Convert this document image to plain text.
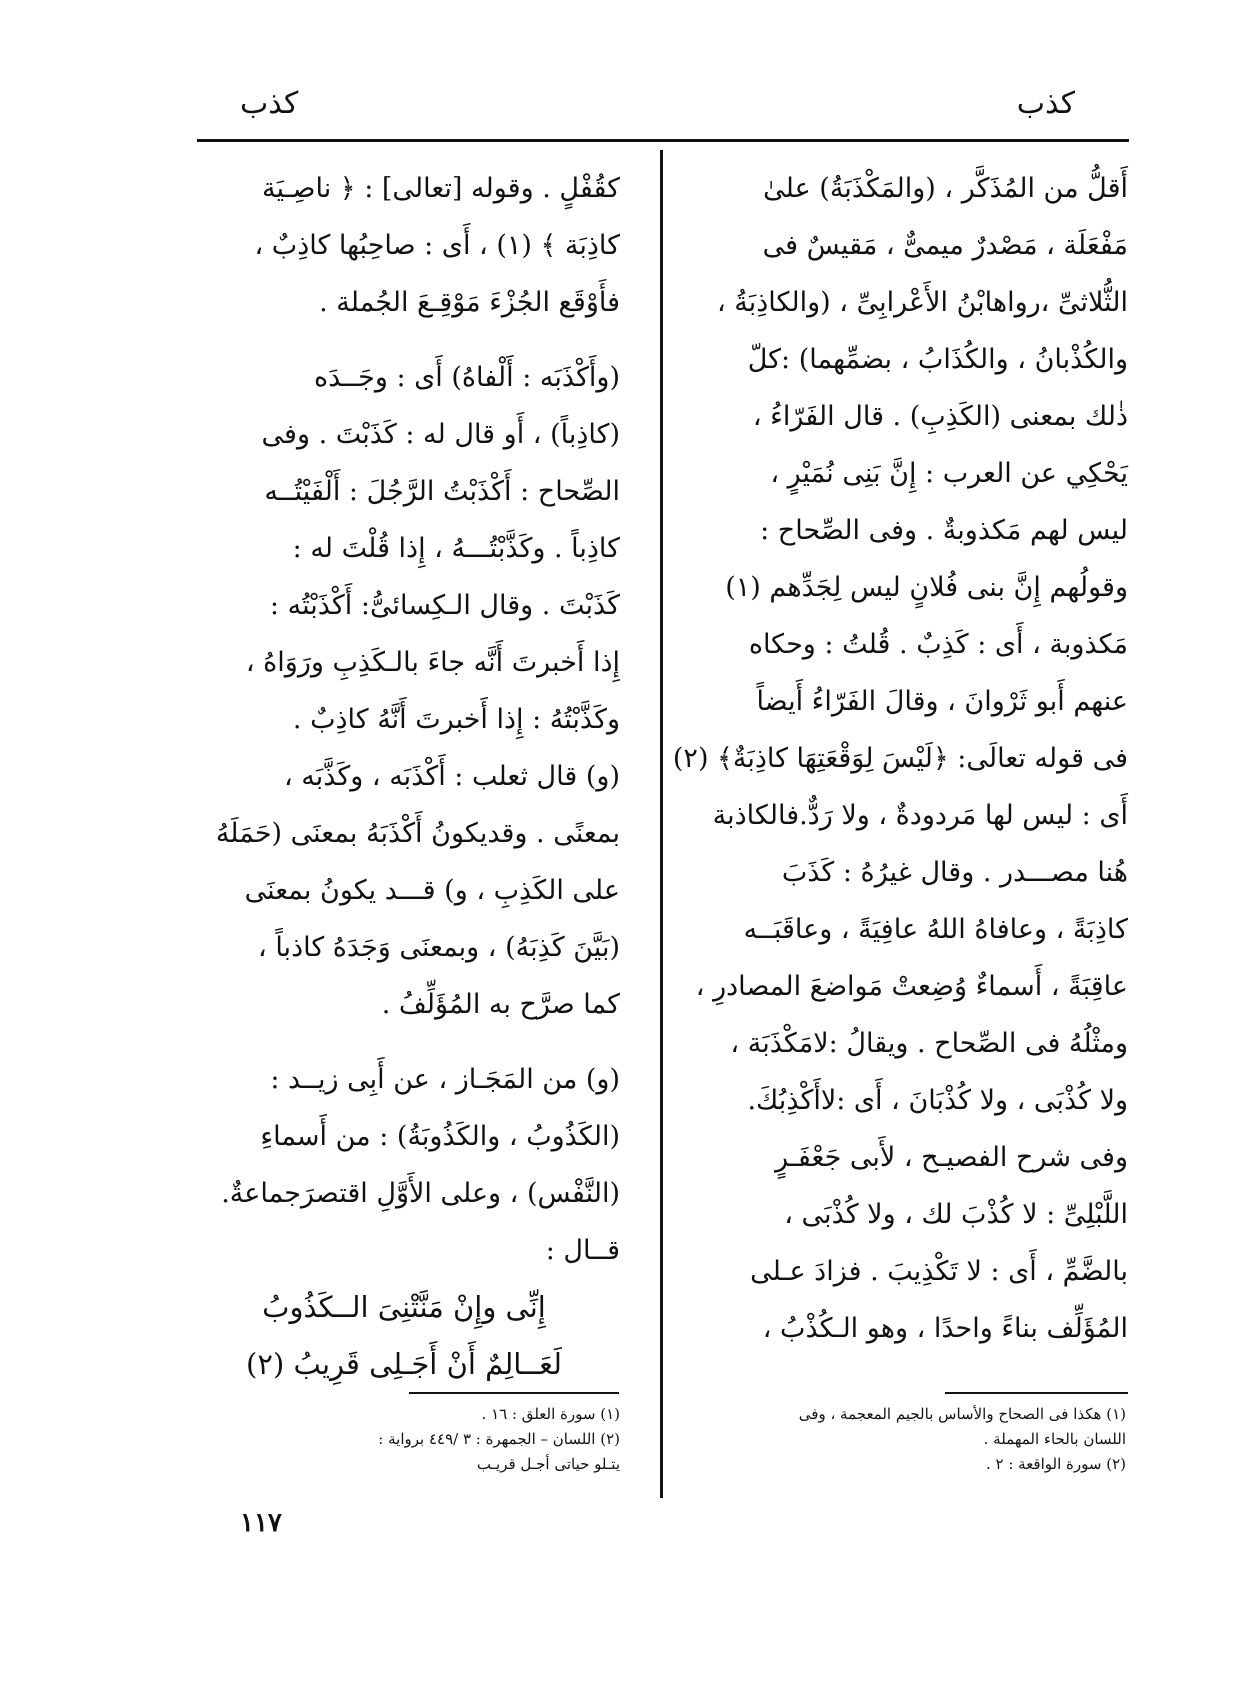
كذب
كذب
أَقلُّ من المُذَكَّر ، (والمَكْذَبَةُ) علىٰ
مَفْعَلَة ، مَصْدرٌ ميمىٌّ ، مَقيسٌ فى
الثُّلاثىِّ ،رواهابْنُ الأَعْرابِىِّ ، (والكاذِبَةُ ،
والكُذْبانُ ، والكُذَابُ ، بضمِّهما) :كلّ
ذٰلك بمعنى (الكَذِبِ) . قال الفَرّاءُ ،
يَحْكِي عن العرب : إِنَّ بَنِى نُمَيْرٍ ،
ليس لهم مَكذوبةٌ . وفى الصِّحاح :
وقولُهم إِنَّ بنى فُلانٍ ليس لِجَدِّهم (١)
مَكذوبة ، أَى : كَذِبٌ . قُلتُ : وحكاه
عنهم أَبو ثَرْوانَ ، وقالَ الفَرّاءُ أَيضاً
فى قوله تعالَى: ﴿لَيْسَ لِوَقْعَتِهَا كاذِبَةٌ﴾ (٢)
أَى : ليس لها مَردودةٌ ، ولا رَدٌّ.فالكاذبة
هُنا مصـــدر . وقال غيرُهُ : كَذَبَ
كاذِبَةً ، وعافاهُ اللهُ عافِيَةً ، وعاقَبَــه
عاقِبَةً ، أَسماءٌ وُضِعتْ مَواضعَ المصادرِ ،
ومثْلُهُ فى الصِّحاح . ويقالُ :لامَكْذَبَة ،
ولا كُذْبَى ، ولا كُذْبَانَ ، أَى :لاأَكْذِبُكَ.
وفى شرح الفصيـح ، لأَبى جَعْفَـرٍ
اللَّبْلِىِّ : لا كُذْبَ لك ، ولا كُذْبَى ،
بالضَّمِّ ، أَى : لا تَكْذِيبَ . فزادَ عـلى
المُؤَلِّف بناءً واحدًا ، وهو الـكُذْبُ ،
كقُفْلٍ . وقوله [تعالى] : ﴿ ناصِـيَة
كاذِبَة ﴾ (١) ، أَى : صاحِبُها كاذِبٌ ،
فأَوْقَع الجُزْءَ مَوْقِـعَ الجُملة .
(وأَكْذَبَه : أَلْفاهُ) أَى : وجَــدَه
(كاذِباً) ، أَو قال له : كَذَبْتَ . وفى
الصِّحاح : أَكْذَبْتُ الرَّجُلَ : أَلْفَيْتُــه
كاذِباً . وكَذَّبْتُـــهُ ، إِذا قُلْتَ له :
كَذَبْتَ . وقال الـكِسائىُّ: أَكْذَبْتُه :
إِذا أَخبرتَ أَنَّه جاءَ بالـكَذِبِ ورَوَاهُ ،
وكَذَّبْتُهُ : إِذا أَخبرتَ أَنَّهُ كاذِبٌ .
(و) قال ثعلب : أَكْذَبَه ، وكَذَّبَه ،
بمعنًى . وقديكونُ أَكْذَبَهُ بمعنَى (حَمَلَهُ
على الكَذِبِ ، و) قـــد يكونُ بمعنَى
(بَيَّنَ كَذِبَهُ) ، وبمعنَى وَجَدَهُ كاذباً ،
كما صرَّح به المُؤَلِّفُ .
(و) من المَجَـاز ، عن أَبِى زيــد :
(الكَذُوبُ ، والكَذُوبَةُ) : من أَسماءِ
(النَّفْس) ، وعلى الأَوَّلِ اقتصرَجماعةٌ.
قــال :
إِنِّى وإِنْ مَنَّتْنِىَ الــكَذُوبُ
لَعَــالِمٌ أَنْ أَجَـلِى قَرِيبُ (٢)
(١) هكذا فى الصحاح والأساس بالجيم المعجمة ، وفى
اللسان بالحاء المهملة .
(٢) سورة الواقعة : ٢ .
(١) سورة العلق : ١٦ .
(٢) اللسان – الجمهرة : ٣ /٤٤٩ برواية :
يتـلو حياتى أجـل قريـب
١١٧
